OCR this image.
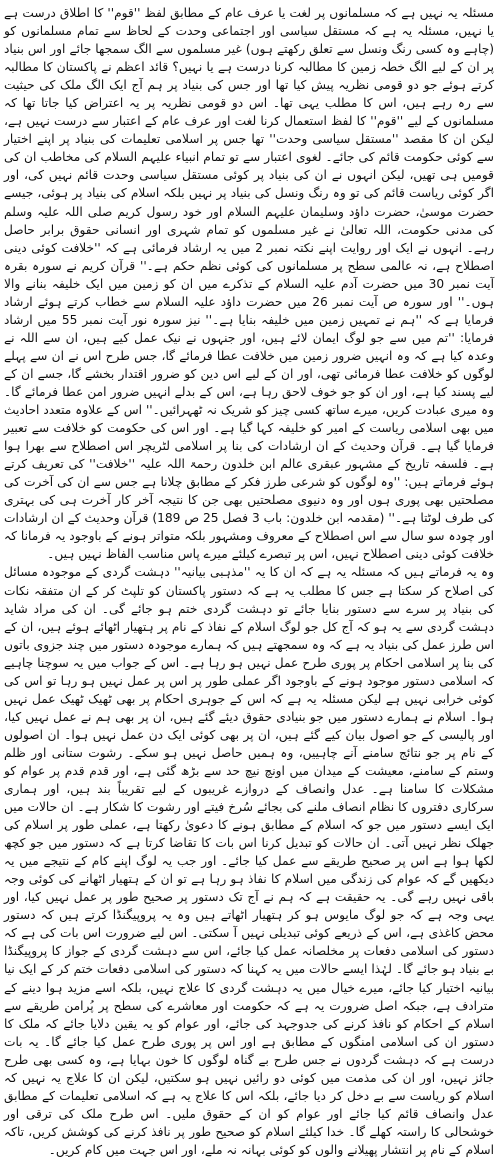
مسئلہ یہ نہیں ہے کہ مسلمانوں پر لغت یا عرف عام کے مطابق لفظ ''قوم'' کا اطلاق درست ہے یا نہیں، مسئلہ یہ ہے کہ مستقل سیاسی اور اجتماعی وحدت کے لحاظ سے تمام مسلمانوں کو (چاہے وہ کسی رنگ ونسل سے تعلق رکھتے ہوں) غیر مسلموں سے الگ سمجھا جائے اور اس بنیاد پر ان کے لیے الگ خطہ زمین کا مطالبہ کرنا درست ہے یا نہیں؟ قائد اعظم نے پاکستان کا مطالبہ کرتے ہوئے جو دو قومی نظریہ پیش کیا تھا اور جس کی بنیاد پر ہم آج ایک الگ ملک کی حیثیت سے رہ رہے ہیں، اس کا مطلب یہی تھا۔ اس دو قومی نظریہ پر یہ اعتراض کیا جاتا تھا کہ مسلمانوں کے لیے ''قوم'' کا لفظ استعمال کرنا لغت اور عرف عام کے اعتبار سے درست نہیں ہے، لیکن ان کا مقصد ''مستقل سیاسی وحدت'' تھا جس پر اسلامی تعلیمات کی بنیاد پر اپنے اختیار سے کوئی حکومت قائم کی جائے۔ لغوی اعتبار سے تو تمام انبیاء علیہم السلام کی مخاطب ان کی قومیں ہی تھیں، لیکن انہوں نے ان کی بنیاد پر کوئی مستقل سیاسی وحدت قائم نہیں کی، اور اگر کوئی ریاست قائم کی تو وہ رنگ ونسل کی بنیاد پر نہیں بلکہ اسلام کی بنیاد پر ہوئی، جیسے حضرت موسیٰ، حضرت داؤد وسلیمان علیہم السلام اور خود رسول کریم صلی اللہ علیہ وسلم کی مدنی حکومت، اللہ تعالیٰ نے غیر مسلموں کو تمام شہری اور انسانی حقوق برابر حاصل رہے۔ انہوں نے ایک اور روایت اپنے نکتہ نمبر 2 میں یہ ارشاد فرمائی ہے کہ ''خلافت کوئی دینی اصطلاح ہے، نہ عالمی سطح پر مسلمانوں کی کوئی نظم حکم ہے۔'' قرآن کریم نے سورہ بقرہ آیت نمبر 30 میں حضرت آدم علیہ السلام کے تذکرے میں ان کو زمین میں ایک خلیفہ بنانے والا ہوں۔'' اور سورہ ص آیت نمبر 26 میں حضرت داؤد علیہ السلام سے خطاب کرتے ہوئے ارشاد فرمایا ہے کہ ''ہم نے تمہیں زمین میں خلیفہ بنایا ہے۔'' نیز سورہ نور آیت نمبر 55 میں ارشاد فرمایا: ''تم میں سے جو لوگ ایمان لائے ہیں، اور جنہوں نے نیک عمل کیے ہیں، ان سے اللہ نے وعدہ کیا ہے کہ وہ انہیں ضرور زمین میں خلافت عطا فرمائے گا، جس طرح اس نے ان سے پہلے لوگوں کو خلافت عطا فرمائی تھی، اور ان کے لیے اس دین کو ضرور اقتدار بخشے گا، جسے ان کے لیے پسند کیا ہے، اور ان کو جو خوف لاحق رہا ہے، اس کے بدلے انہیں ضرور امن عطا فرمائے گا۔ وہ میری عبادت کریں، میرے ساتھ کسی چیز کو شریک نہ ٹھہرائیں۔'' اس کے علاوہ متعدد احادیث میں بھی اسلامی ریاست کے امیر کو خلیفہ کہا گیا ہے۔ اور اس کی حکومت کو خلافت سے تعبیر فرمایا گیا ہے۔ قرآن وحدیث کے ان ارشادات کی بنا پر اسلامی لٹریچر اس اصطلاح سے بھرا ہوا ہے۔ فلسفہ تاریخ کے مشہور عبقری عالم ابن خلدون رحمۃ اللہ علیہ ''خلافت'' کی تعریف کرتے ہوئے فرماتے ہیں: ''وہ لوگوں کو شرعی طرز فکر کے مطابق چلانا ہے جس سے ان کی آخرت کی مصلحتیں بھی پوری ہوں اور وہ دنیوی مصلحتیں بھی جن کا نتیجہ آخر کار آخرت ہی کی بہتری کی طرف لوٹتا ہے۔'' (مقدمہ ابن خلدون: باب 3 فصل 25 ص 189) قرآن وحدیث کے ان ارشادات اور چودہ سو سال سے اس اصطلاح کے معروف ومشہور بلکہ متواتر ہونے کے باوجود یہ فرمانا کہ خلافت کوئی دینی اصطلاح نہیں، اس پر تبصرے کیلئے میرے پاس مناسب الفاظ نہیں ہیں۔

وہ یہ فرماتے ہیں کہ مسئلہ یہ ہے کہ ان کا یہ ''مذہبی بیانیہ'' دہشت گردی کے موجودہ مسائل کی اصلاح کر سکتا ہے جس کا مطلب یہ ہے کہ دستور پاکستان کو تلپٹ کر کے ان متفقہ نکات کی بنیاد پر سرے سے دستور بنایا جائے تو دہشت گردی ختم ہو جائے گی۔ ان کی مراد شاید دہشت گردی سے یہ ہو کہ آج کل جو لوگ اسلام کے نفاذ کے نام پر ہتھیار اٹھائے ہوئے ہیں، ان کے اس طرز عمل کی بنیاد یہ ہے کہ وہ سمجھتے ہیں کہ ہمارے موجودہ دستور میں چند جزوی باتوں کی بنا پر اسلامی احکام پر پوری طرح عمل نہیں ہو رہا ہے۔ اس کے جواب میں یہ سوچنا چاہیے کہ اسلامی دستور موجود ہونے کے باوجود اگر عملی طور پر اس پر عمل نہیں ہو رہا تو اس کی کوئی خرابی نہیں ہے لیکن مسئلہ یہ ہے کہ اس کے جوہری احکام پر بھی ٹھیک ٹھیک عمل نہیں ہوا۔ اسلام نے ہمارے دستور میں جو بنیادی حقوق دیئے گئے ہیں، ان پر بھی ہم نے عمل نہیں کیا، اور پالیسی کے جو اصول بیان کیے گئے ہیں، ان پر بھی کوئی ایک دن عمل نہیں ہوا۔ ان اصولوں کے نام پر جو نتائج سامنے آنے چاہییں، وہ ہمیں حاصل نہیں ہو سکے۔ رشوت ستانی اور ظلم وستم کے سامنے، معیشت کے میدان میں اونچ نیچ حد سے بڑھ گئی ہے، اور قدم قدم پر عوام کو مشکلات کا سامنا ہے۔ عدل وانصاف کے دروازے غریبوں کے لیے تقریباً بند ہیں، اور ہماری سرکاری دفتروں کا نظام انصاف ملنے کی بجائے سُرخ فیتے اور رشوت کا شکار ہے۔ ان حالات میں ایک ایسے دستور میں جو کہ اسلام کے مطابق ہونے کا دعویٰ رکھتا ہے، عملی طور پر اسلام کی جھلک نظر نہیں آتی۔ ان حالات کو تبدیل کرنا اس بات کا تقاضا کرتا ہے کہ دستور میں جو کچھ لکھا ہوا ہے اس پر صحیح طریقے سے عمل کیا جائے۔ اور جب یہ لوگ اپنے کام کے نتیجے میں یہ دیکھیں گے کہ عوام کی زندگی میں اسلام کا نفاذ ہو رہا ہے تو ان کے ہتھیار اٹھانے کی کوئی وجہ باقی نہیں رہے گی۔ یہ حقیقت ہے کہ ہم نے آج تک دستور پر صحیح طور پر عمل نہیں کیا، اور یہی وجہ ہے کہ جو لوگ مایوس ہو کر ہتھیار اٹھاتے ہیں وہ یہ پروپیگنڈا کرتے ہیں کہ دستور محض کاغذی ہے، اس کے ذریعے کوئی تبدیلی نہیں آ سکتی۔ اس لیے ضرورت اس بات کی ہے کہ دستور کی اسلامی دفعات پر مخلصانہ عمل کیا جائے، اس سے دہشت گردی کے جواز کا پروپیگنڈا بے بنیاد ہو جائے گا۔ لہٰذا ایسے حالات میں یہ کہنا کہ دستور کی اسلامی دفعات ختم کر کے ایک نیا بیانیہ اختیار کیا جائے، میرے خیال میں یہ دہشت گردی کا علاج نہیں، بلکہ اسے مزید ہوا دینے کے مترادف ہے، جبکہ اصل ضرورت یہ ہے کہ حکومت اور معاشرے کی سطح پر پُرامن طریقے سے اسلام کے احکام کو نافذ کرنے کی جدوجہد کی جائے، اور عوام کو یہ یقین دلایا جائے کہ ملک کا دستور ان کی اسلامی امنگوں کے مطابق ہے اور اس پر پوری طرح عمل کیا جائے گا۔ یہ بات درست ہے کہ دہشت گردوں نے جس طرح بے گناہ لوگوں کا خون بہایا ہے، وہ کسی بھی طرح جائز نہیں، اور ان کی مذمت میں کوئی دو رائیں نہیں ہو سکتیں، لیکن ان کا علاج یہ نہیں کہ اسلام کو ریاست سے بے دخل کر دیا جائے، بلکہ اس کا علاج یہ ہے کہ اسلامی تعلیمات کے مطابق عدل وانصاف قائم کیا جائے اور عوام کو ان کے حقوق ملیں۔ اس طرح ملک کی ترقی اور خوشحالی کا راستہ کھلے گا۔ خدا کیلئے اسلام کو صحیح طور پر نافذ کرنے کی کوشش کریں، تاکہ اسلام کے نام پر انتشار پھیلانے والوں کو کوئی بہانہ نہ ملے، اور اس جہت میں کام کریں۔
